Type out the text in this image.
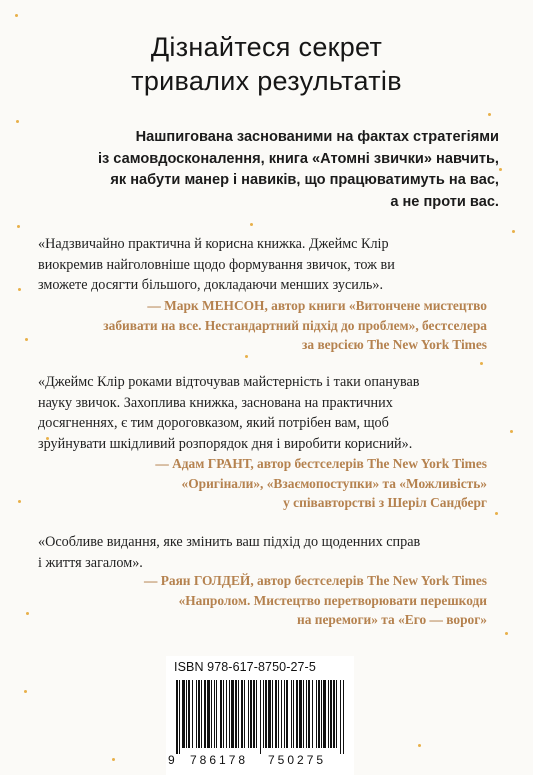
Дізнайтеся секрет
тривалих результатів
Нашпигована заснованими на фактах стратегіями
із самовдосконалення, книга «Атомні звички» навчить,
як набути манер і навиків, що працюватимуть на вас,
а не проти вас.
«Надзвичайно практична й корисна книжка. Джеймс Клір
виокремив найголовніше щодо формування звичок, тож ви
зможете досягти більшого, докладаючи менших зусиль».
— Марк МЕНСОН, автор книги «Витончене мистецтво
забивати на все. Нестандартний підхід до проблем», бестселера
за версією The New York Times
«Джеймс Клір роками відточував майстерність і таки опанував
науку звичок. Захоплива книжка, заснована на практичних
досягненнях, є тим дороговказом, який потрібен вам, щоб
зруйнувати шкідливий розпорядок дня і виробити корисний».
— Адам ГРАНТ, автор бестселерів The New York Times
«Оригінали», «Взаємопоступки» та «Можливість»
у співавторстві з Шеріл Сандберг
«Особливе видання, яке змінить ваш підхід до щоденних справ
і життя загалом».
— Раян ГОЛДЕЙ, автор бестселерів The New York Times
«Напролом. Мистецтво перетворювати перешкоди
на перемоги» та «Его — ворог»
ISBN 978-617-8750-27-5
9 786178 750275
